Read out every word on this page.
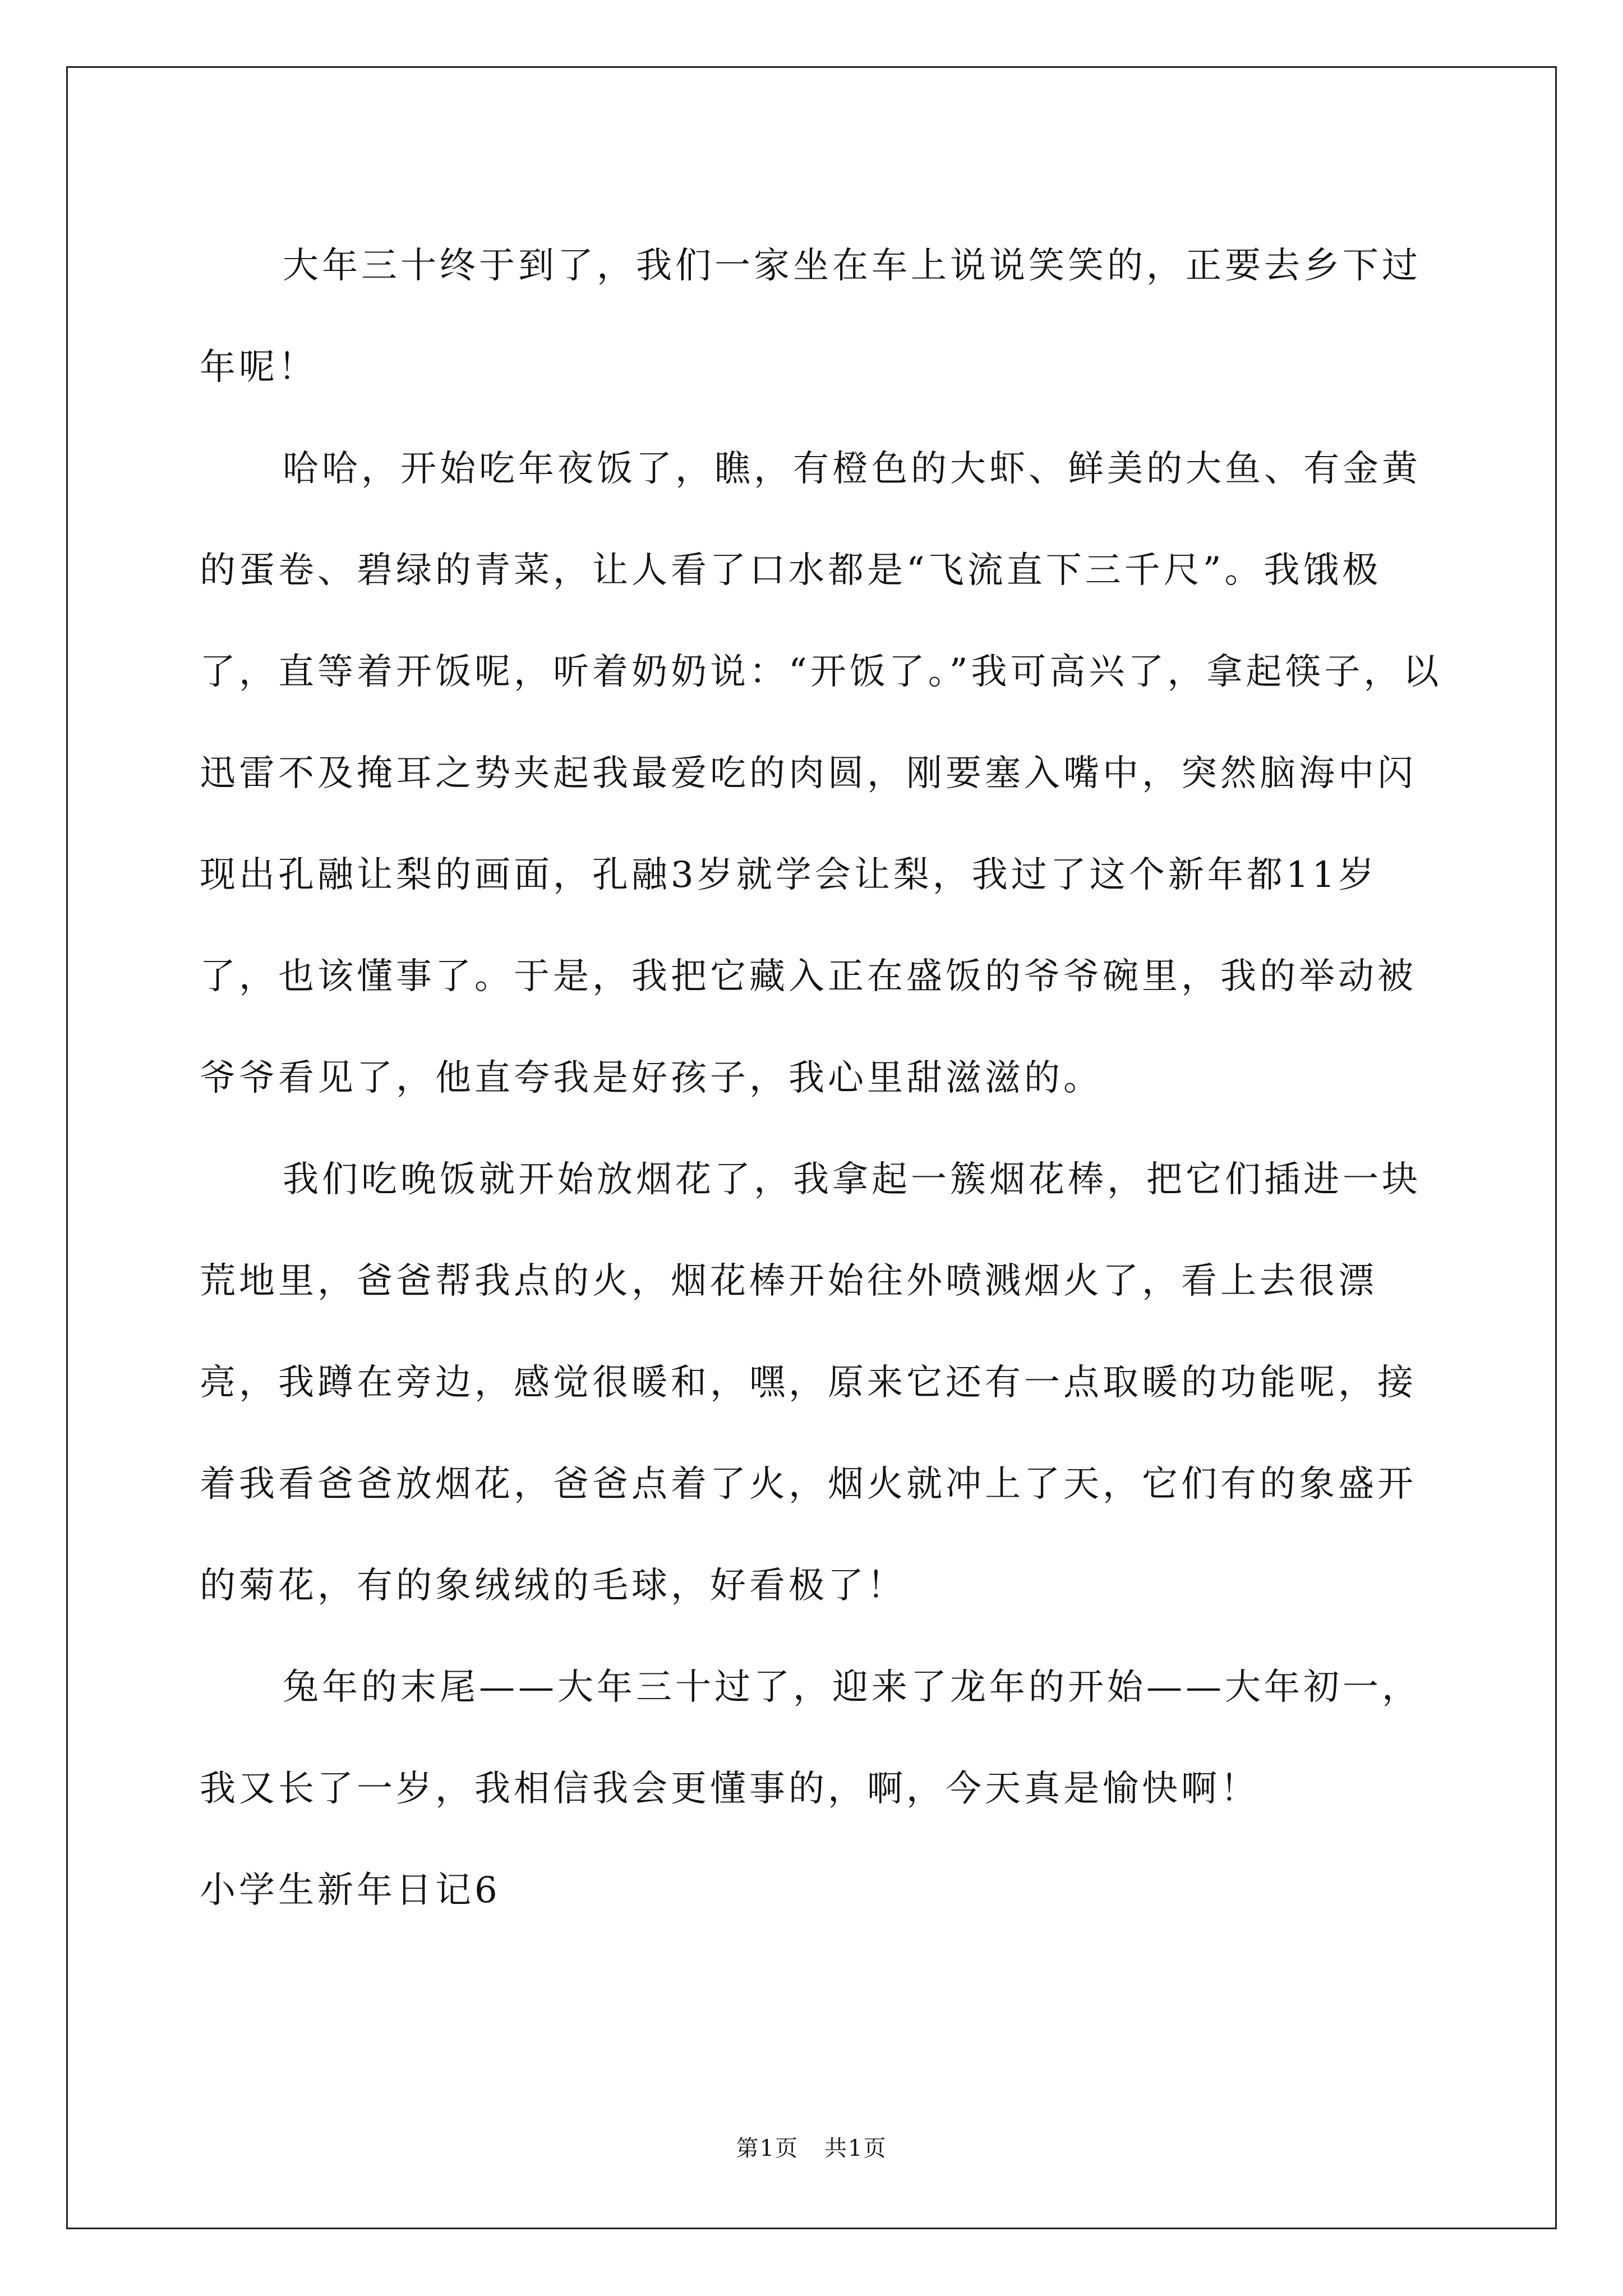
大年三十终于到了，我们一家坐在车上说说笑笑的，正要去乡下过年呢！

哈哈，开始吃年夜饭了，瞧，有橙色的大虾、鲜美的大鱼、有金黄的蛋卷、碧绿的青菜，让人看了口水都是“飞流直下三千尺”。我饿极了，直等着开饭呢，听着奶奶说：“开饭了。”我可高兴了，拿起筷子，以迅雷不及掩耳之势夹起我最爱吃的肉圆，刚要塞入嘴中，突然脑海中闪现出孔融让梨的画面，孔融3岁就学会让梨，我过了这个新年都11岁了，也该懂事了。于是，我把它藏入正在盛饭的爷爷碗里，我的举动被爷爷看见了，他直夸我是好孩子，我心里甜滋滋的。

我们吃晚饭就开始放烟花了，我拿起一簇烟花棒，把它们插进一块荒地里，爸爸帮我点的火，烟花棒开始往外喷溅烟火了，看上去很漂亮，我蹲在旁边，感觉很暖和，嘿，原来它还有一点取暖的功能呢，接着我看爸爸放烟花，爸爸点着了火，烟火就冲上了天，它们有的象盛开的菊花，有的象绒绒的毛球，好看极了！

兔年的末尾——大年三十过了，迎来了龙年的开始——大年初一，我又长了一岁，我相信我会更懂事的，啊，今天真是愉快啊！

小学生新年日记6

第1页 共1页
